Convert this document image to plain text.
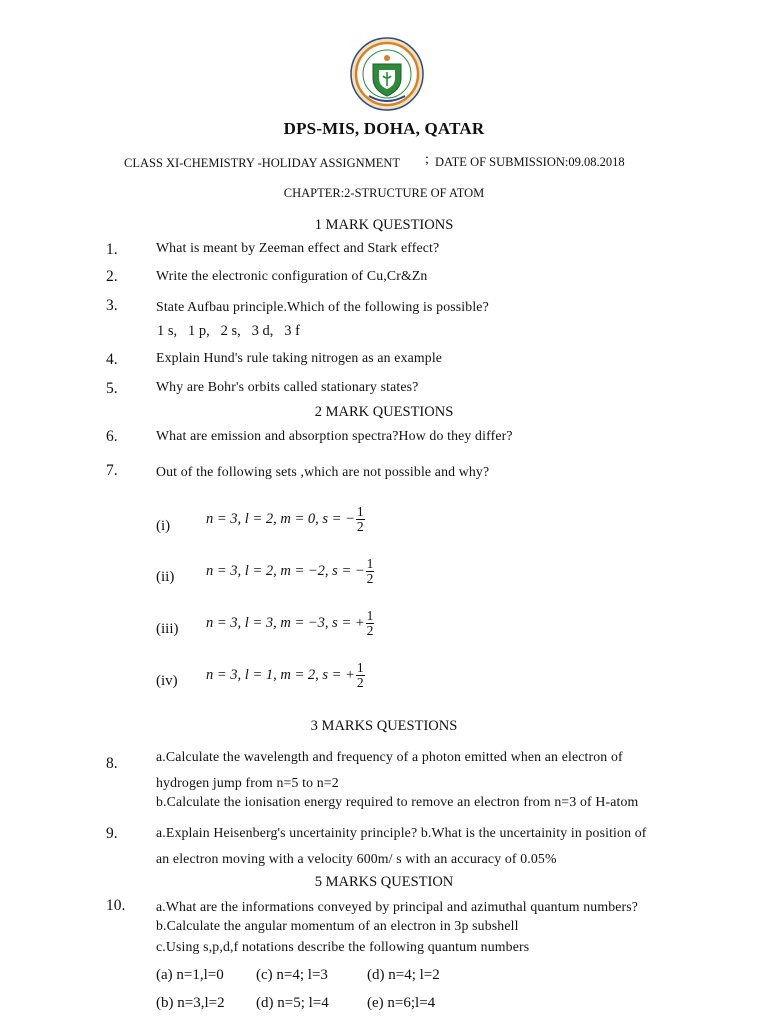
DPS-MIS, DOHA, QATAR
CLASS XI-CHEMISTRY -HOLIDAY ASSIGNMENT ; DATE OF SUBMISSION:09.08.2018
CHAPTER:2-STRUCTURE OF ATOM
1 MARK QUESTIONS
1.	What is meant by Zeeman effect and Stark effect?
2.	Write the electronic configuration of Cu,Cr&Zn
3.	State Aufbau principle.Which of the following is possible?
1 s,   1 p,   2 s,   3 d,   3 f
4.	Explain Hund's rule taking nitrogen as an example
5.	Why are Bohr's orbits called stationary states?
2 MARK QUESTIONS
6.	What are emission and absorption spectra?How do they differ?
7.	Out of the following sets ,which are not possible and why?
(i) n = 3, l = 2, m = 0, s = − $\frac{1}{2}$
(ii) n = 3, l = 2, m = −2, s = − $\frac{1}{2}$
(iii) n = 3, l = 3, m = −3, s = + $\frac{1}{2}$
(iv) n = 3, l = 1, m = 2, s = + $\frac{1}{2}$
3 MARKS QUESTIONS
8.	a.Calculate the wavelength and frequency of a photon emitted when an electron of
hydrogen jump from n=5 to n=2
b.Calculate the ionisation energy required to remove an electron from n=3 of H-atom
9.	a.Explain Heisenberg's uncertainity principle? b.What is the uncertainity in position of
an electron moving with a velocity 600m/ s with an accuracy of 0.05%
5 MARKS QUESTION
10. a.What are the informations conveyed by principal and azimuthal quantum numbers?
b.Calculate the angular momentum of an electron in 3p subshell
c.Using s,p,d,f notations describe the following quantum numbers
(a) n=1,l=0 (c) n=4; l=3	(d) n=4; l=2
(b) n=3,l=2 (d) n=5; l=4	(e) n=6;l=4
